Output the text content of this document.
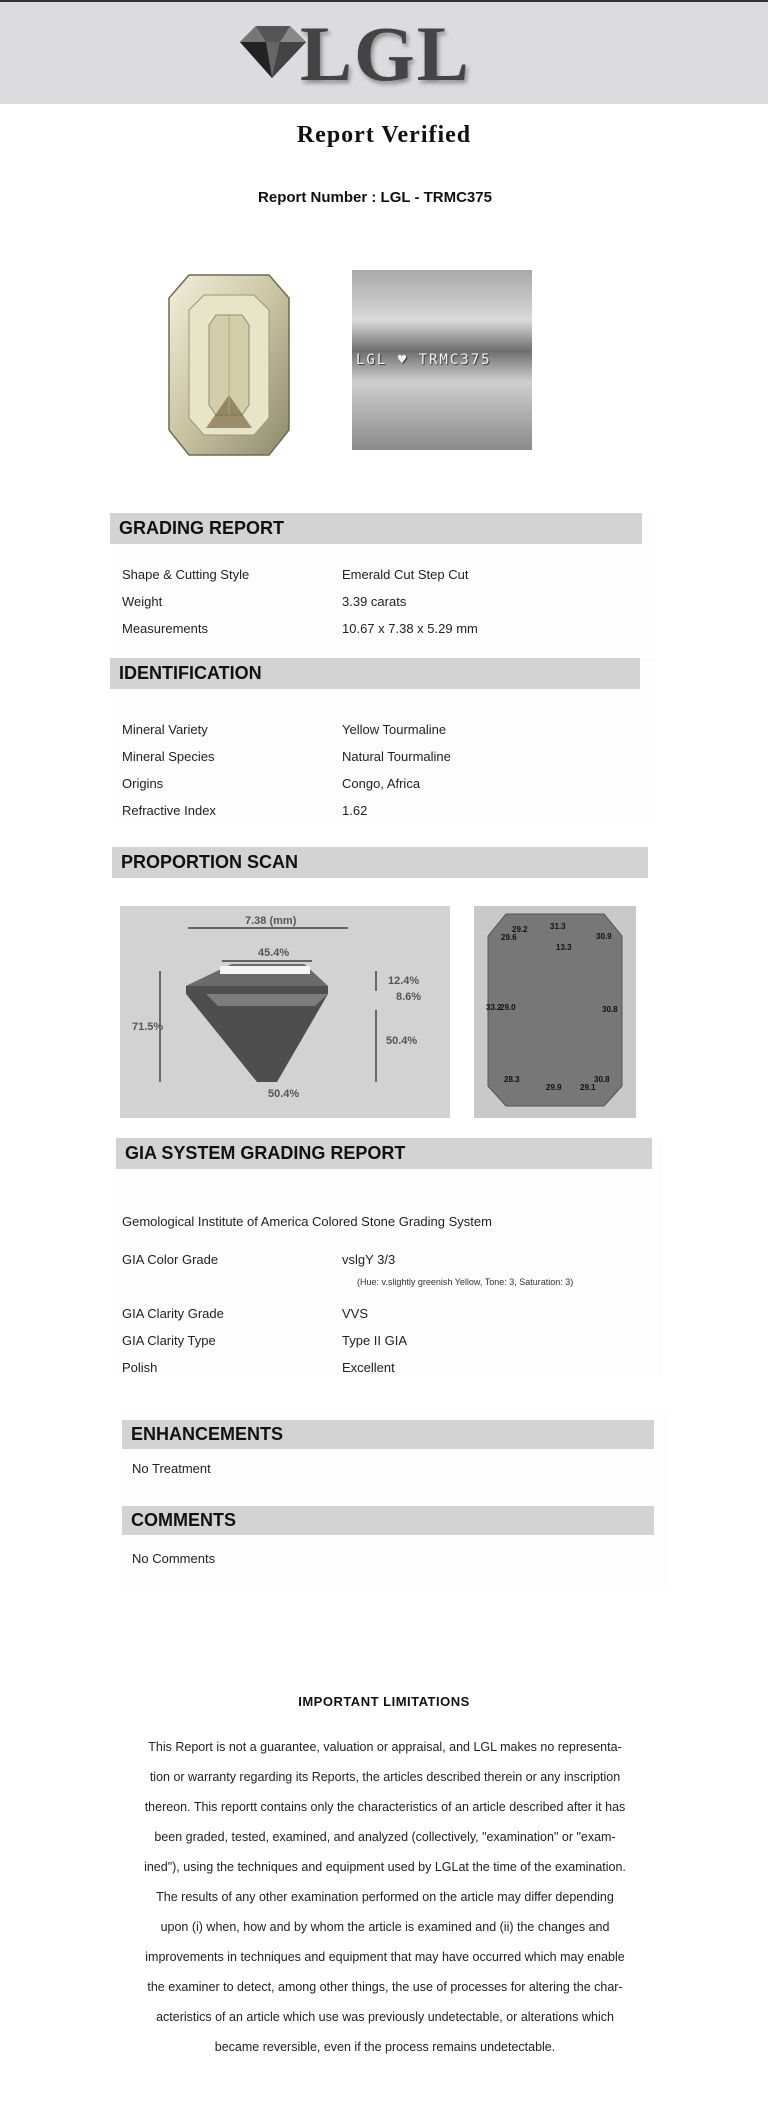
LGL
Report Verified
Report Number : LGL - TRMC375
LGL ♥ TRMC375
GRADING REPORT
Shape & Cutting Style	Emerald Cut Step Cut
Weight	3.39 carats
Measurements	10.67 x 7.38 x 5.29 mm
IDENTIFICATION
Mineral Variety	Yellow Tourmaline
Mineral Species	Natural Tourmaline
Origins	Congo, Africa
Refractive Index	1.62
PROPORTION SCAN
7.38 (mm)
45.4%
71.5%
12.4%
8.6%
50.4%
50.4%
29.2	31.3
30.9
29.6
13.3
33.2
29.0	30.8
28.3
29.9 29.1
30.8
GIA SYSTEM GRADING REPORT
Gemological Institute of America Colored Stone Grading System
GIA Color Grade	vslgY 3/3
(Hue: v.slightly greenish Yellow, Tone: 3, Saturation: 3)
GIA Clarity Grade	VVS
GIA Clarity Type	Type II GIA
Polish	Excellent
ENHANCEMENTS
No Treatment
COMMENTS
No Comments
IMPORTANT LIMITATIONS
This Report is not a guarantee, valuation or appraisal, and LGL makes no representa-
tion or warranty regarding its Reports, the articles described therein or any inscription
thereon. This reportt contains only the characteristics of an article described after it has
been graded, tested, examined, and analyzed (collectively, "examination" or "exam-
ined"), using the techniques and equipment used by LGLat the time of the examination.
The results of any other examination performed on the article may differ depending
upon (i) when, how and by whom the article is examined and (ii) the changes and
improvements in techniques and equipment that may have occurred which may enable
the examiner to detect, among other things, the use of processes for altering the char-
acteristics of an article which use was previously undetectable, or alterations which
became reversible, even if the process remains undetectable.
